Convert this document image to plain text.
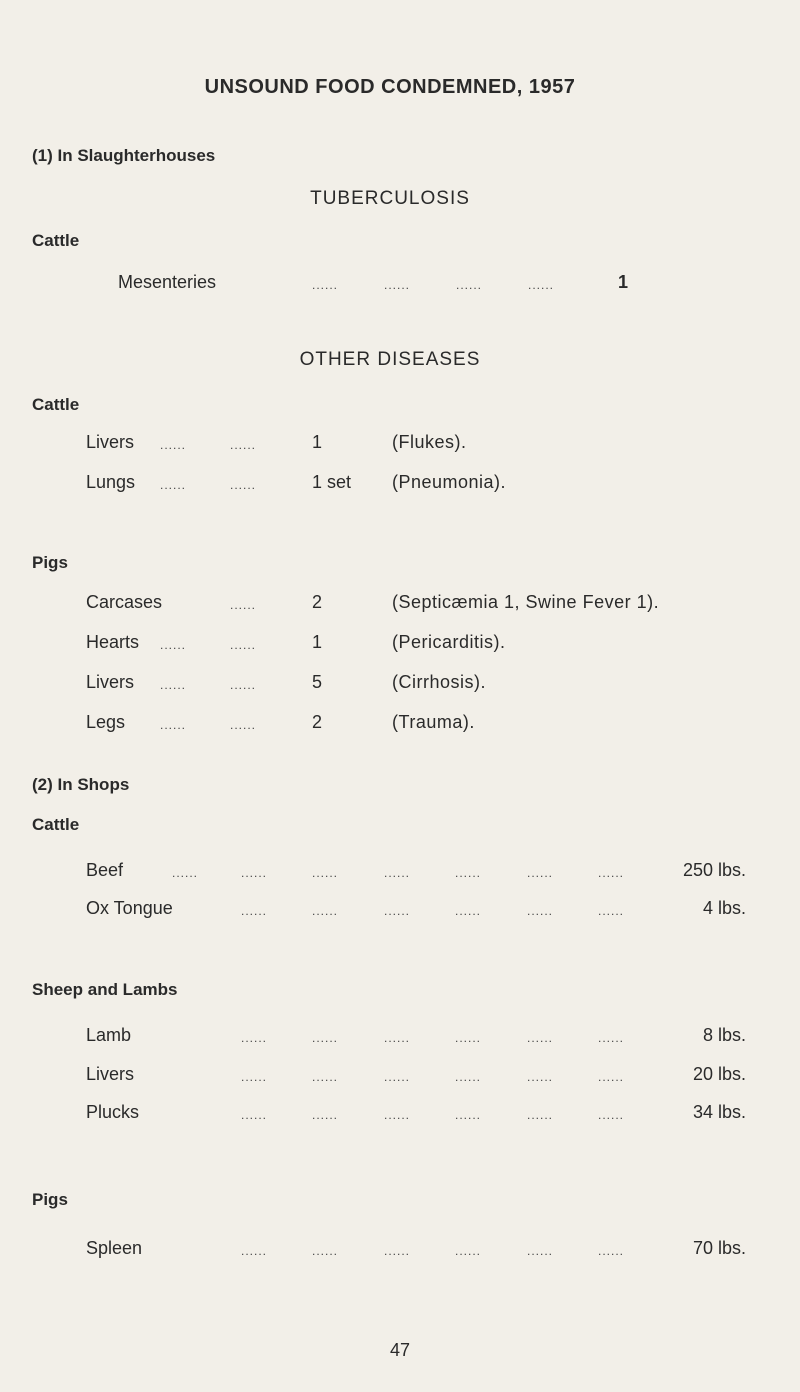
UNSOUND FOOD CONDEMNED, 1957
(1) In Slaughterhouses
TUBERCULOSIS
Cattle
Mesenteries	......	......	......	......	1
OTHER DISEASES
Cattle
Livers ......	......	1	(Flukes).
Lungs ......	......	1 set (Pneumonia).
Pigs
Carcases	......	2	(Septicæmia 1, Swine Fever 1).
Hearts ......	......	1	(Pericarditis).
Livers ......	......	5	(Cirrhosis).
Legs	......	......	2	(Trauma).
(2) In Shops
Cattle
Beef	......	......	......	......	......	......	......	250 lbs.
Ox Tongue	......	......	......	......	......	......	4 lbs.
Sheep and Lambs
Lamb	......	......	......	......	......	......	8 lbs.
Livers	......	......	......	......	......	......	20 lbs.
Plucks	......	......	......	......	......	......	34 lbs.
Pigs
Spleen	......	......	......	......	......	......	70 lbs.
47
